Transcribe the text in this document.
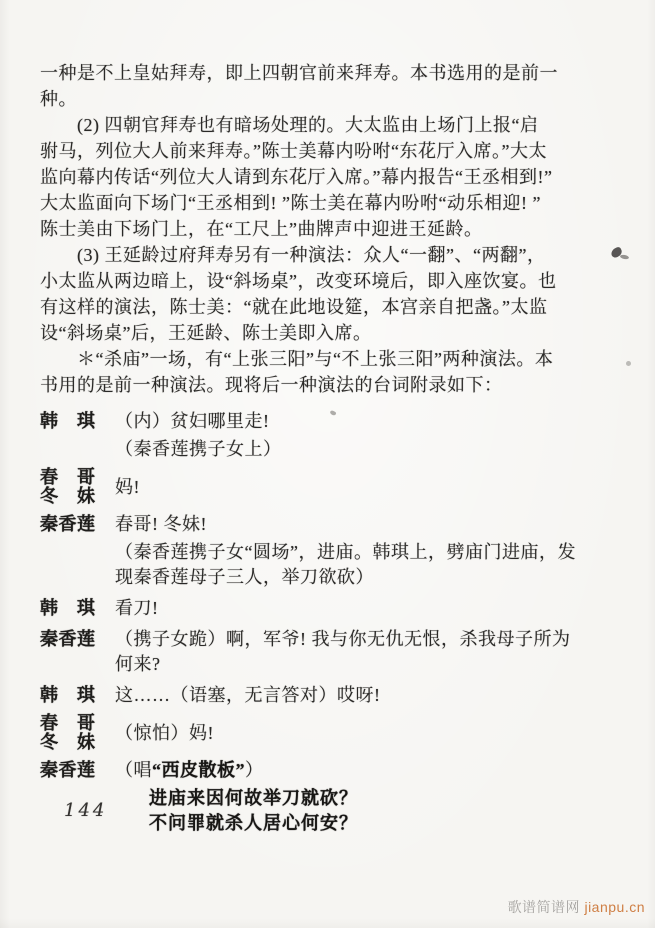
一种是不上皇姑拜寿，即上四朝官前来拜寿。本书选用的是前一
种。
(2) 四朝官拜寿也有暗场处理的。大太监由上场门上报“启
驸马，列位大人前来拜寿。”陈士美幕内吩咐“东花厅入席。”大太
监向幕内传话“列位大人请到东花厅入席。”幕内报告“王丞相到!”
大太监面向下场门“王丞相到! ”陈士美在幕内吩咐“动乐相迎! ”
陈士美由下场门上，在“工尺上”曲牌声中迎进王延龄。
(3) 王延龄过府拜寿另有一种演法：众人“一翻”、“两翻”，
小太监从两边暗上，设“斜场桌”，改变环境后，即入座饮宴。也
有这样的演法，陈士美：“就在此地设筵，本宫亲自把盏。”太监
设“斜场桌”后，王延龄、陈士美即入席。
＊“杀庙”一场，有“上张三阳”与“不上张三阳”两种演法。本
书用的是前一种演法。现将后一种演法的台词附录如下：
韩　琪	（内）贫妇哪里走!
（秦香莲携子女上）
春　哥
冬　妹	妈!
秦香莲	春哥! 冬妹!
（秦香莲携子女“圆场”，进庙。韩琪上，劈庙门进庙，发
现秦香莲母子三人，举刀欲砍）
韩　琪	看刀!
秦香莲	（携子女跪）啊，军爷! 我与你无仇无恨，杀我母子所为
何来?
韩　琪	这……（语塞，无言答对）哎呀!
春　哥
冬　妹	（惊怕）妈!
秦香莲	（唱“西皮散板”）
进庙来因何故举刀就砍？
不问罪就杀人居心何安？
144
歌谱简谱网 jianpu.cn
